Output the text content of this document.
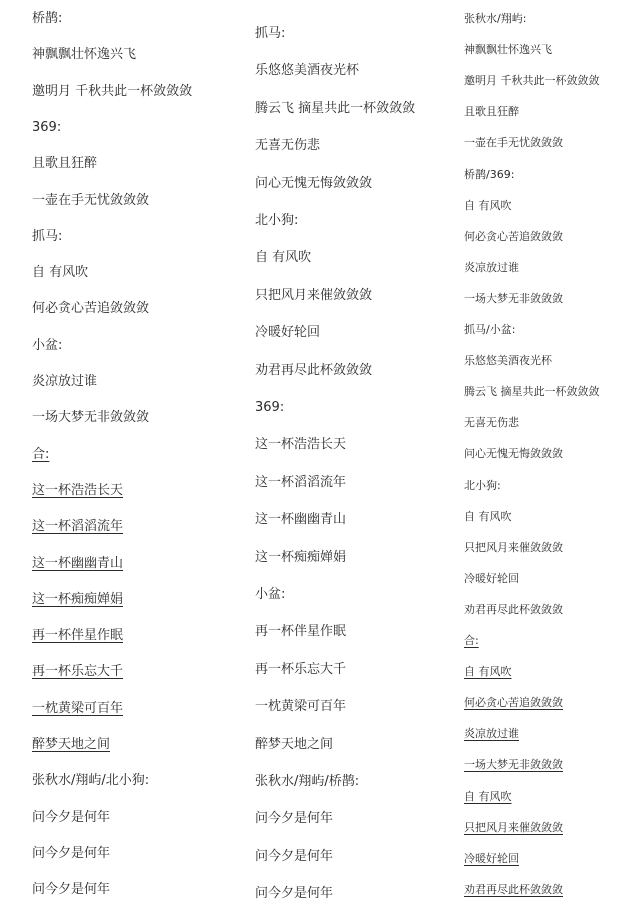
桥鹊:
神飘飘壮怀逸兴飞
邀明月 千秋共此一杯敛敛敛
369:
且歌且狂醉
一壶在手无忧敛敛敛
抓马:
自 有风吹
何必贪心苦追敛敛敛
小盆:
炎凉放过谁
一场大梦无非敛敛敛
合:
这一杯浩浩长天
这一杯滔滔流年
这一杯幽幽青山
这一杯痴痴婵娟
再一杯伴星作眠
再一杯乐忘大千
一枕黄梁可百年
醉梦天地之间
张秋水/翔屿/北小狗:
问今夕是何年
问今夕是何年
问今夕是何年
抓马:
乐悠悠美酒夜光杯
腾云飞 摘星共此一杯敛敛敛
无喜无伤悲
问心无愧无悔敛敛敛
北小狗:
自 有风吹
只把风月来催敛敛敛
冷暖好轮回
劝君再尽此杯敛敛敛
369:
这一杯浩浩长天
这一杯滔滔流年
这一杯幽幽青山
这一杯痴痴婵娟
小盆:
再一杯伴星作眠
再一杯乐忘大千
一枕黄梁可百年
醉梦天地之间
张秋水/翔屿/桥鹊:
问今夕是何年
问今夕是何年
问今夕是何年
张秋水/翔屿:
神飘飘壮怀逸兴飞
邀明月 千秋共此一杯敛敛敛
且歌且狂醉
一壶在手无忧敛敛敛
桥鹊/369:
自 有风吹
何必贪心苦追敛敛敛
炎凉放过谁
一场大梦无非敛敛敛
抓马/小盆:
乐悠悠美酒夜光杯
腾云飞 摘星共此一杯敛敛敛
无喜无伤悲
问心无愧无悔敛敛敛
北小狗:
自 有风吹
只把风月来催敛敛敛
冷暖好轮回
劝君再尽此杯敛敛敛
合:
自 有风吹
何必贪心苦追敛敛敛
炎凉放过谁
一场大梦无非敛敛敛
自 有风吹
只把风月来催敛敛敛
冷暖好轮回
劝君再尽此杯敛敛敛
